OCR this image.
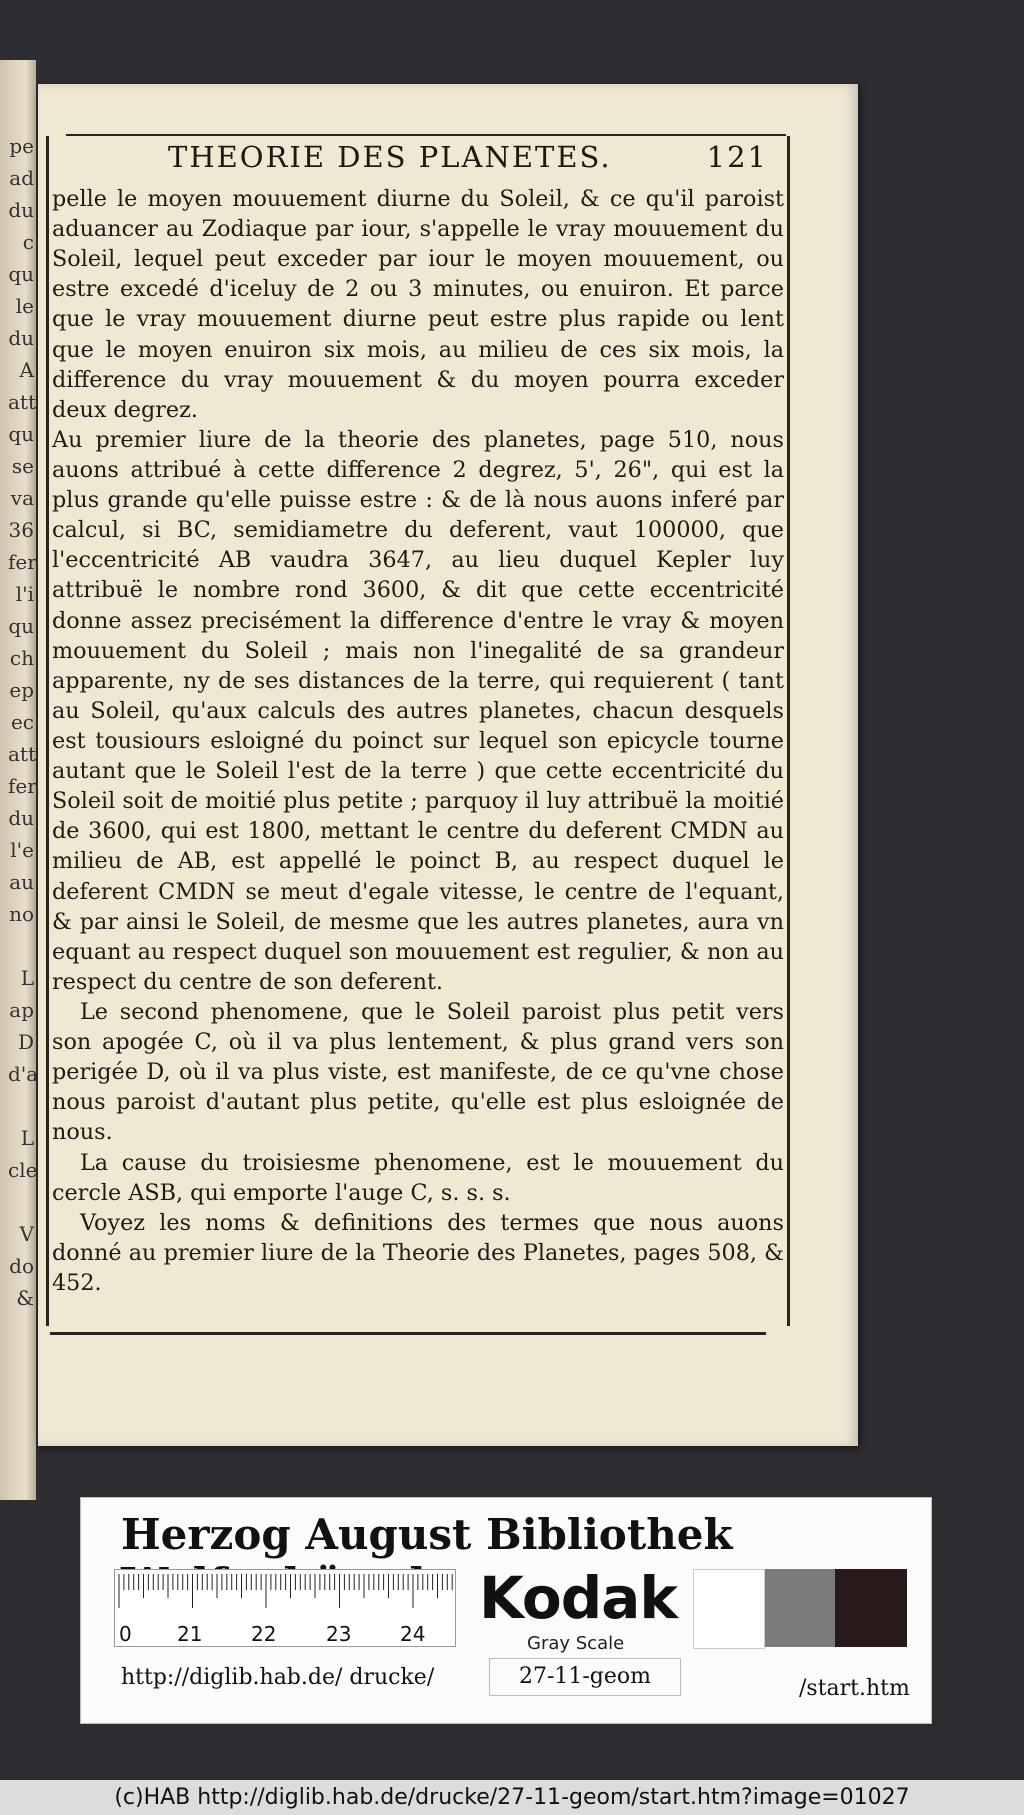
pe
ad
du
c
qu
le
du
A
att
qu
se
va
36
fer
l'i
qu
ch
ep
ec
att
fer
du
l'e
au
no

L
ap
D
d'a

L
cle

V
do
&
THEORIE DES PLANETES.	121

pelle le moyen mouuement diurne du Soleil, & ce qu'il paroist aduancer au Zodiaque par iour, s'appelle le vray mouuement du Soleil, lequel peut exceder par iour le moyen mouuement, ou estre excedé d'iceluy de 2 ou 3 minutes, ou enuiron. Et parce que le vray mouuement diurne peut estre plus rapide ou lent que le moyen enuiron six mois, au milieu de ces six mois, la difference du vray mouuement & du moyen pourra exceder deux degrez.

Au premier liure de la theorie des planetes, page 510, nous auons attribué à cette difference 2 degrez, 5', 26", qui est la plus grande qu'elle puisse estre : & de là nous auons inferé par calcul, si BC, semidiametre du deferent, vaut 100000, que l'eccentricité AB vaudra 3647, au lieu duquel Kepler luy attribuë le nombre rond 3600, & dit que cette eccentricité donne assez precisément la difference d'entre le vray & moyen mouuement du Soleil ; mais non l'inegalité de sa grandeur apparente, ny de ses distances de la terre, qui requierent ( tant au Soleil, qu'aux calculs des autres planetes, chacun desquels est tousiours esloigné du poinct sur lequel son epicycle tourne autant que le Soleil l'est de la terre ) que cette eccentricité du Soleil soit de moitié plus petite ; parquoy il luy attribuë la moitié de 3600, qui est 1800, mettant le centre du deferent CMDN au milieu de AB, est appellé le poinct B, au respect duquel le deferent CMDN se meut d'egale vitesse, le centre de l'equant, & par ainsi le Soleil, de mesme que les autres planetes, aura vn equant au respect duquel son mouuement est regulier, & non au respect du centre de son deferent.

Le second phenomene, que le Soleil paroist plus petit vers son apogée C, où il va plus lentement, & plus grand vers son perigée D, où il va plus viste, est manifeste, de ce qu'vne chose nous paroist d'autant plus petite, qu'elle est plus esloignée de nous.

La cause du troisiesme phenomene, est le mouuement du cercle ASB, qui emporte l'auge C, s. s. s.

Voyez les noms & definitions des termes que nous auons donné au premier liure de la Theorie des Planetes, pages 508, & 452.

Herzog August Bibliothek
0 21 22 23 24
Kodak
Gray Scale
http://diglib.hab.de/ drucke/	27-11-geom	/start.htm
(c)HAB http://diglib.hab.de/drucke/27-11-geom/start.htm?image=01027
